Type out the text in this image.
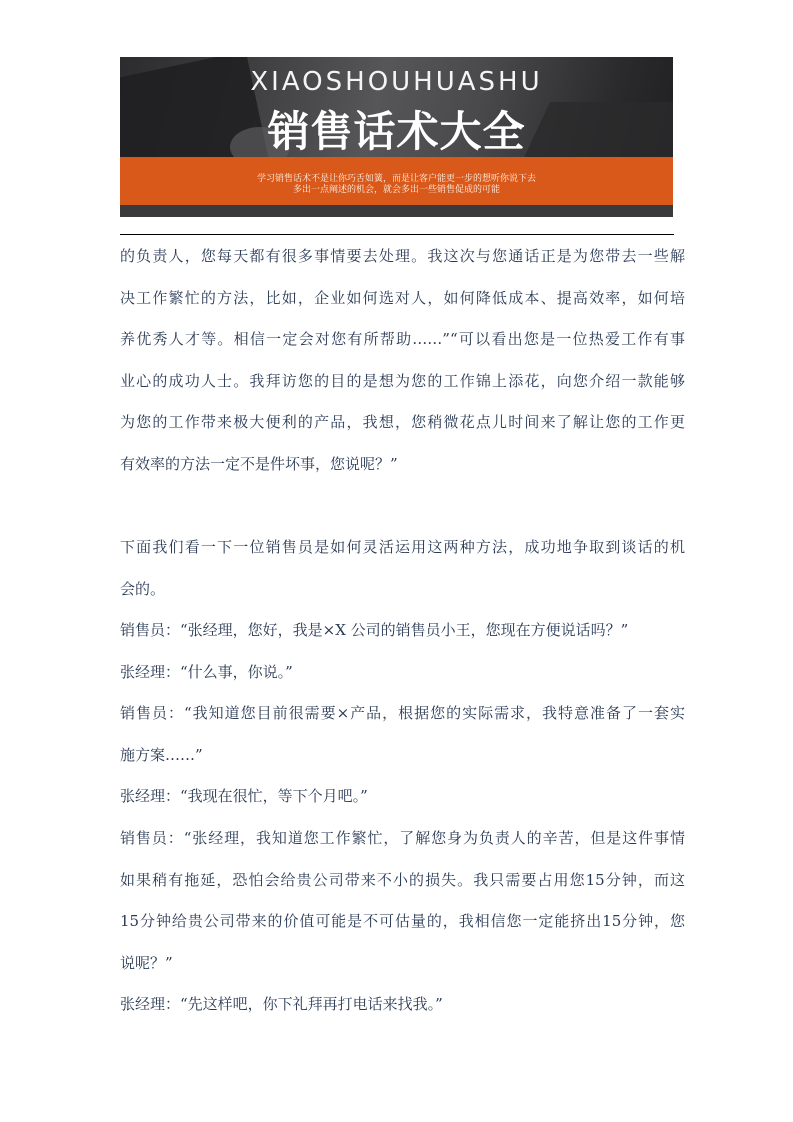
XIAOSHOUHUASHU
销售话术大全
学习销售话术不是让你巧舌如簧，而是让客户能更一步的想听你说下去
多出一点阐述的机会，就会多出一些销售促成的可能
的负责人，您每天都有很多事情要去处理。我这次与您通话正是为您带去一些解
决工作繁忙的方法，比如，企业如何选对人，如何降低成本、提高效率，如何培
养优秀人才等。相信一定会对您有所帮助……”“可以看出您是一位热爱工作有事
业心的成功人士。我拜访您的目的是想为您的工作锦上添花，向您介绍一款能够
为您的工作带来极大便利的产品，我想，您稍微花点儿时间来了解让您的工作更
有效率的方法一定不是件坏事，您说呢？”
下面我们看一下一位销售员是如何灵活运用这两种方法，成功地争取到谈话的机
会的。
销售员：“张经理，您好，我是×X 公司的销售员小王，您现在方便说话吗？”
张经理：“什么事，你说。”
销售员：“我知道您目前很需要×产品，根据您的实际需求，我特意准备了一套实
施方案……”
张经理：“我现在很忙，等下个月吧。”
销售员：“张经理，我知道您工作繁忙，了解您身为负责人的辛苦，但是这件事情
如果稍有拖延，恐怕会给贵公司带来不小的损失。我只需要占用您15分钟，而这
15分钟给贵公司带来的价值可能是不可估量的，我相信您一定能挤出15分钟，您
说呢？”
张经理：“先这样吧，你下礼拜再打电话来找我。”
